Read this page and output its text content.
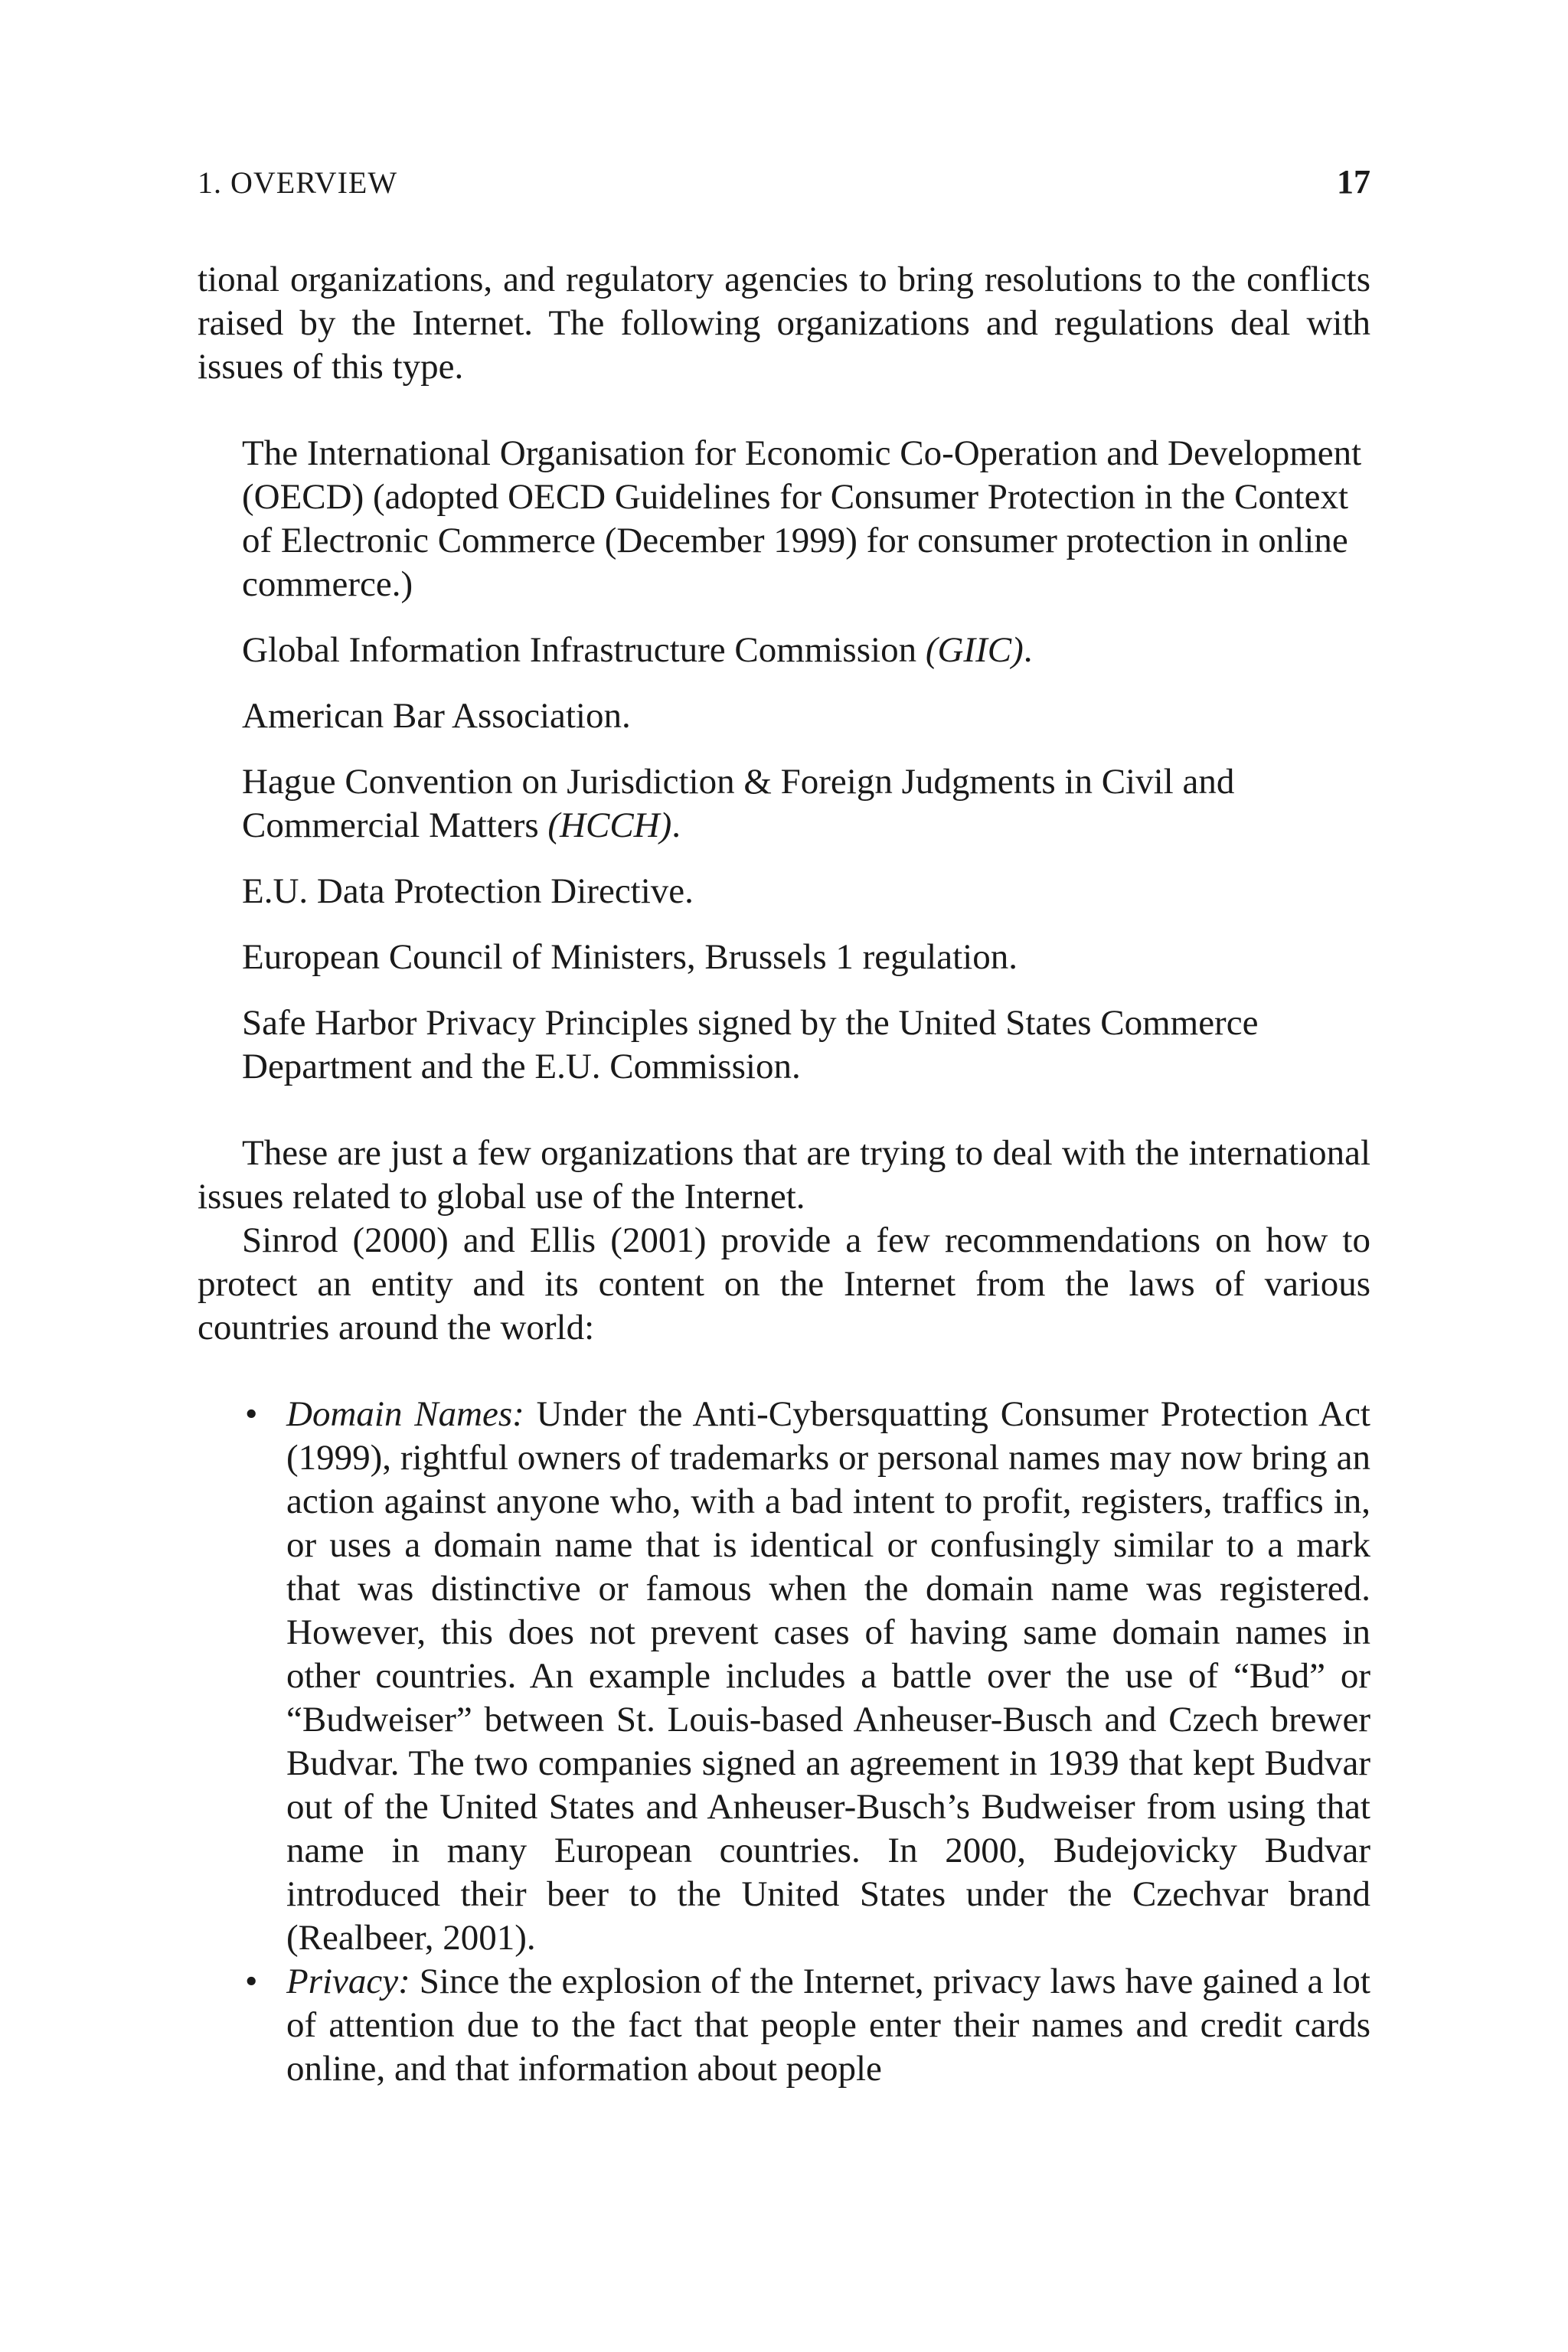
1. OVERVIEW	17

tional organizations, and regulatory agencies to bring resolutions to the conflicts raised by the Internet. The following organizations and regulations deal with issues of this type.

The International Organisation for Economic Co-Operation and Development (OECD) (adopted OECD Guidelines for Consumer Protection in the Context of Electronic Commerce (December 1999) for consumer protection in online commerce.)

Global Information Infrastructure Commission (GIIC).

American Bar Association.

Hague Convention on Jurisdiction & Foreign Judgments in Civil and Commercial Matters (HCCH).

E.U. Data Protection Directive.

European Council of Ministers, Brussels 1 regulation.

Safe Harbor Privacy Principles signed by the United States Commerce Department and the E.U. Commission.

These are just a few organizations that are trying to deal with the international issues related to global use of the Internet.

Sinrod (2000) and Ellis (2001) provide a few recommendations on how to protect an entity and its content on the Internet from the laws of various countries around the world:

• Domain Names: Under the Anti-Cybersquatting Consumer Protection Act (1999), rightful owners of trademarks or personal names may now bring an action against anyone who, with a bad intent to profit, registers, traffics in, or uses a domain name that is identical or confusingly similar to a mark that was distinctive or famous when the domain name was registered. However, this does not prevent cases of having same domain names in other countries. An example includes a battle over the use of “Bud” or “Budweiser” between St. Louis-based Anheuser-Busch and Czech brewer Budvar. The two companies signed an agreement in 1939 that kept Budvar out of the United States and Anheuser-Busch’s Budweiser from using that name in many European countries. In 2000, Budejovicky Budvar introduced their beer to the United States under the Czechvar brand (Realbeer, 2001).
• Privacy: Since the explosion of the Internet, privacy laws have gained a lot of attention due to the fact that people enter their names and credit cards online, and that information about people
